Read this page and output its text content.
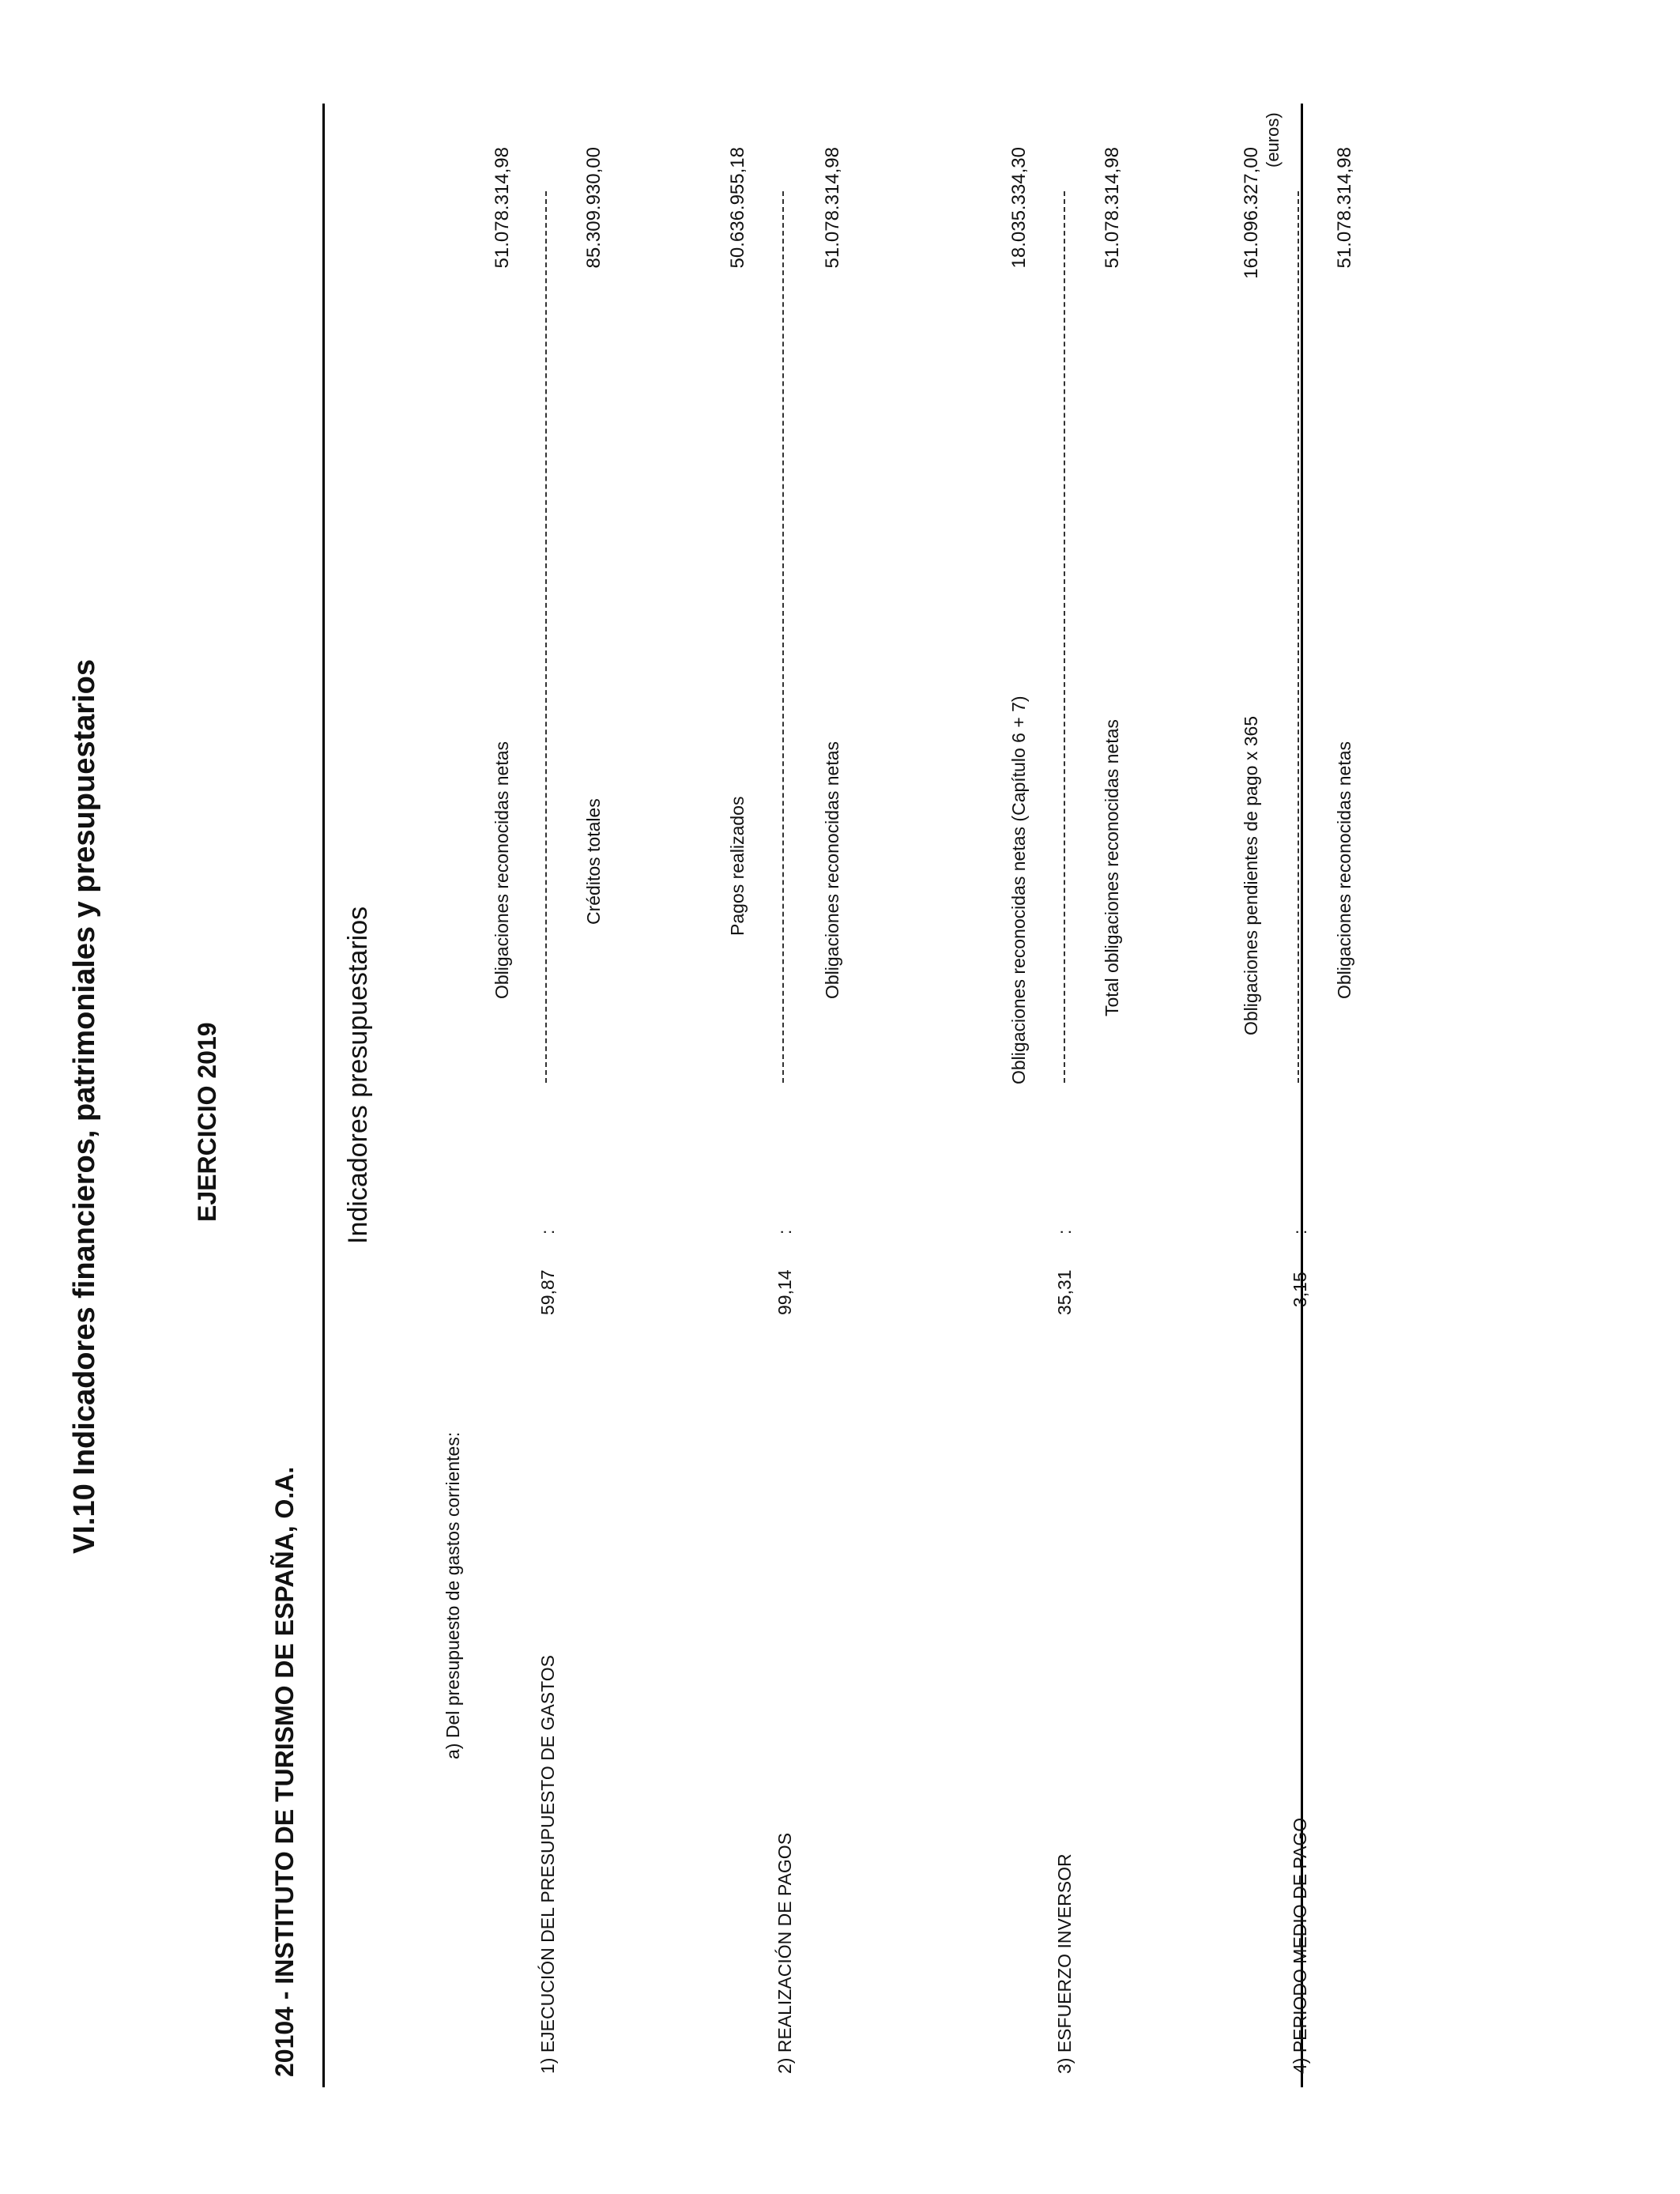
VI.10 Indicadores financieros, patrimoniales y presupuestarios	EJERCICIO 2019
20104 - INSTITUTO DE TURISMO DE ESPAÑA, O.A.
(euros)
Indicadores presupuestarios
a) Del presupuesto de gastos corrientes:
1) EJECUCIÓN DEL PRESUPUESTO DE GASTOS
59,87
:
Obligaciones reconocidas netas	Créditos totales
51.078.314,98	85.309.930,00
2) REALIZACIÓN DE PAGOS
99,14
:
Pagos realizados	Obligaciones reconocidas netas
50.636.955,18	51.078.314,98
3) ESFUERZO INVERSOR
35,31
:
Obligaciones reconocidas netas (Capítulo 6 + 7)	Total obligaciones reconocidas netas
18.035.334,30	51.078.314,98
4) PERIODO MEDIO DE PAGO
3,15
:
Obligaciones pendientes de pago x 365	Obligaciones reconocidas netas
161.096.327,00	51.078.314,98
